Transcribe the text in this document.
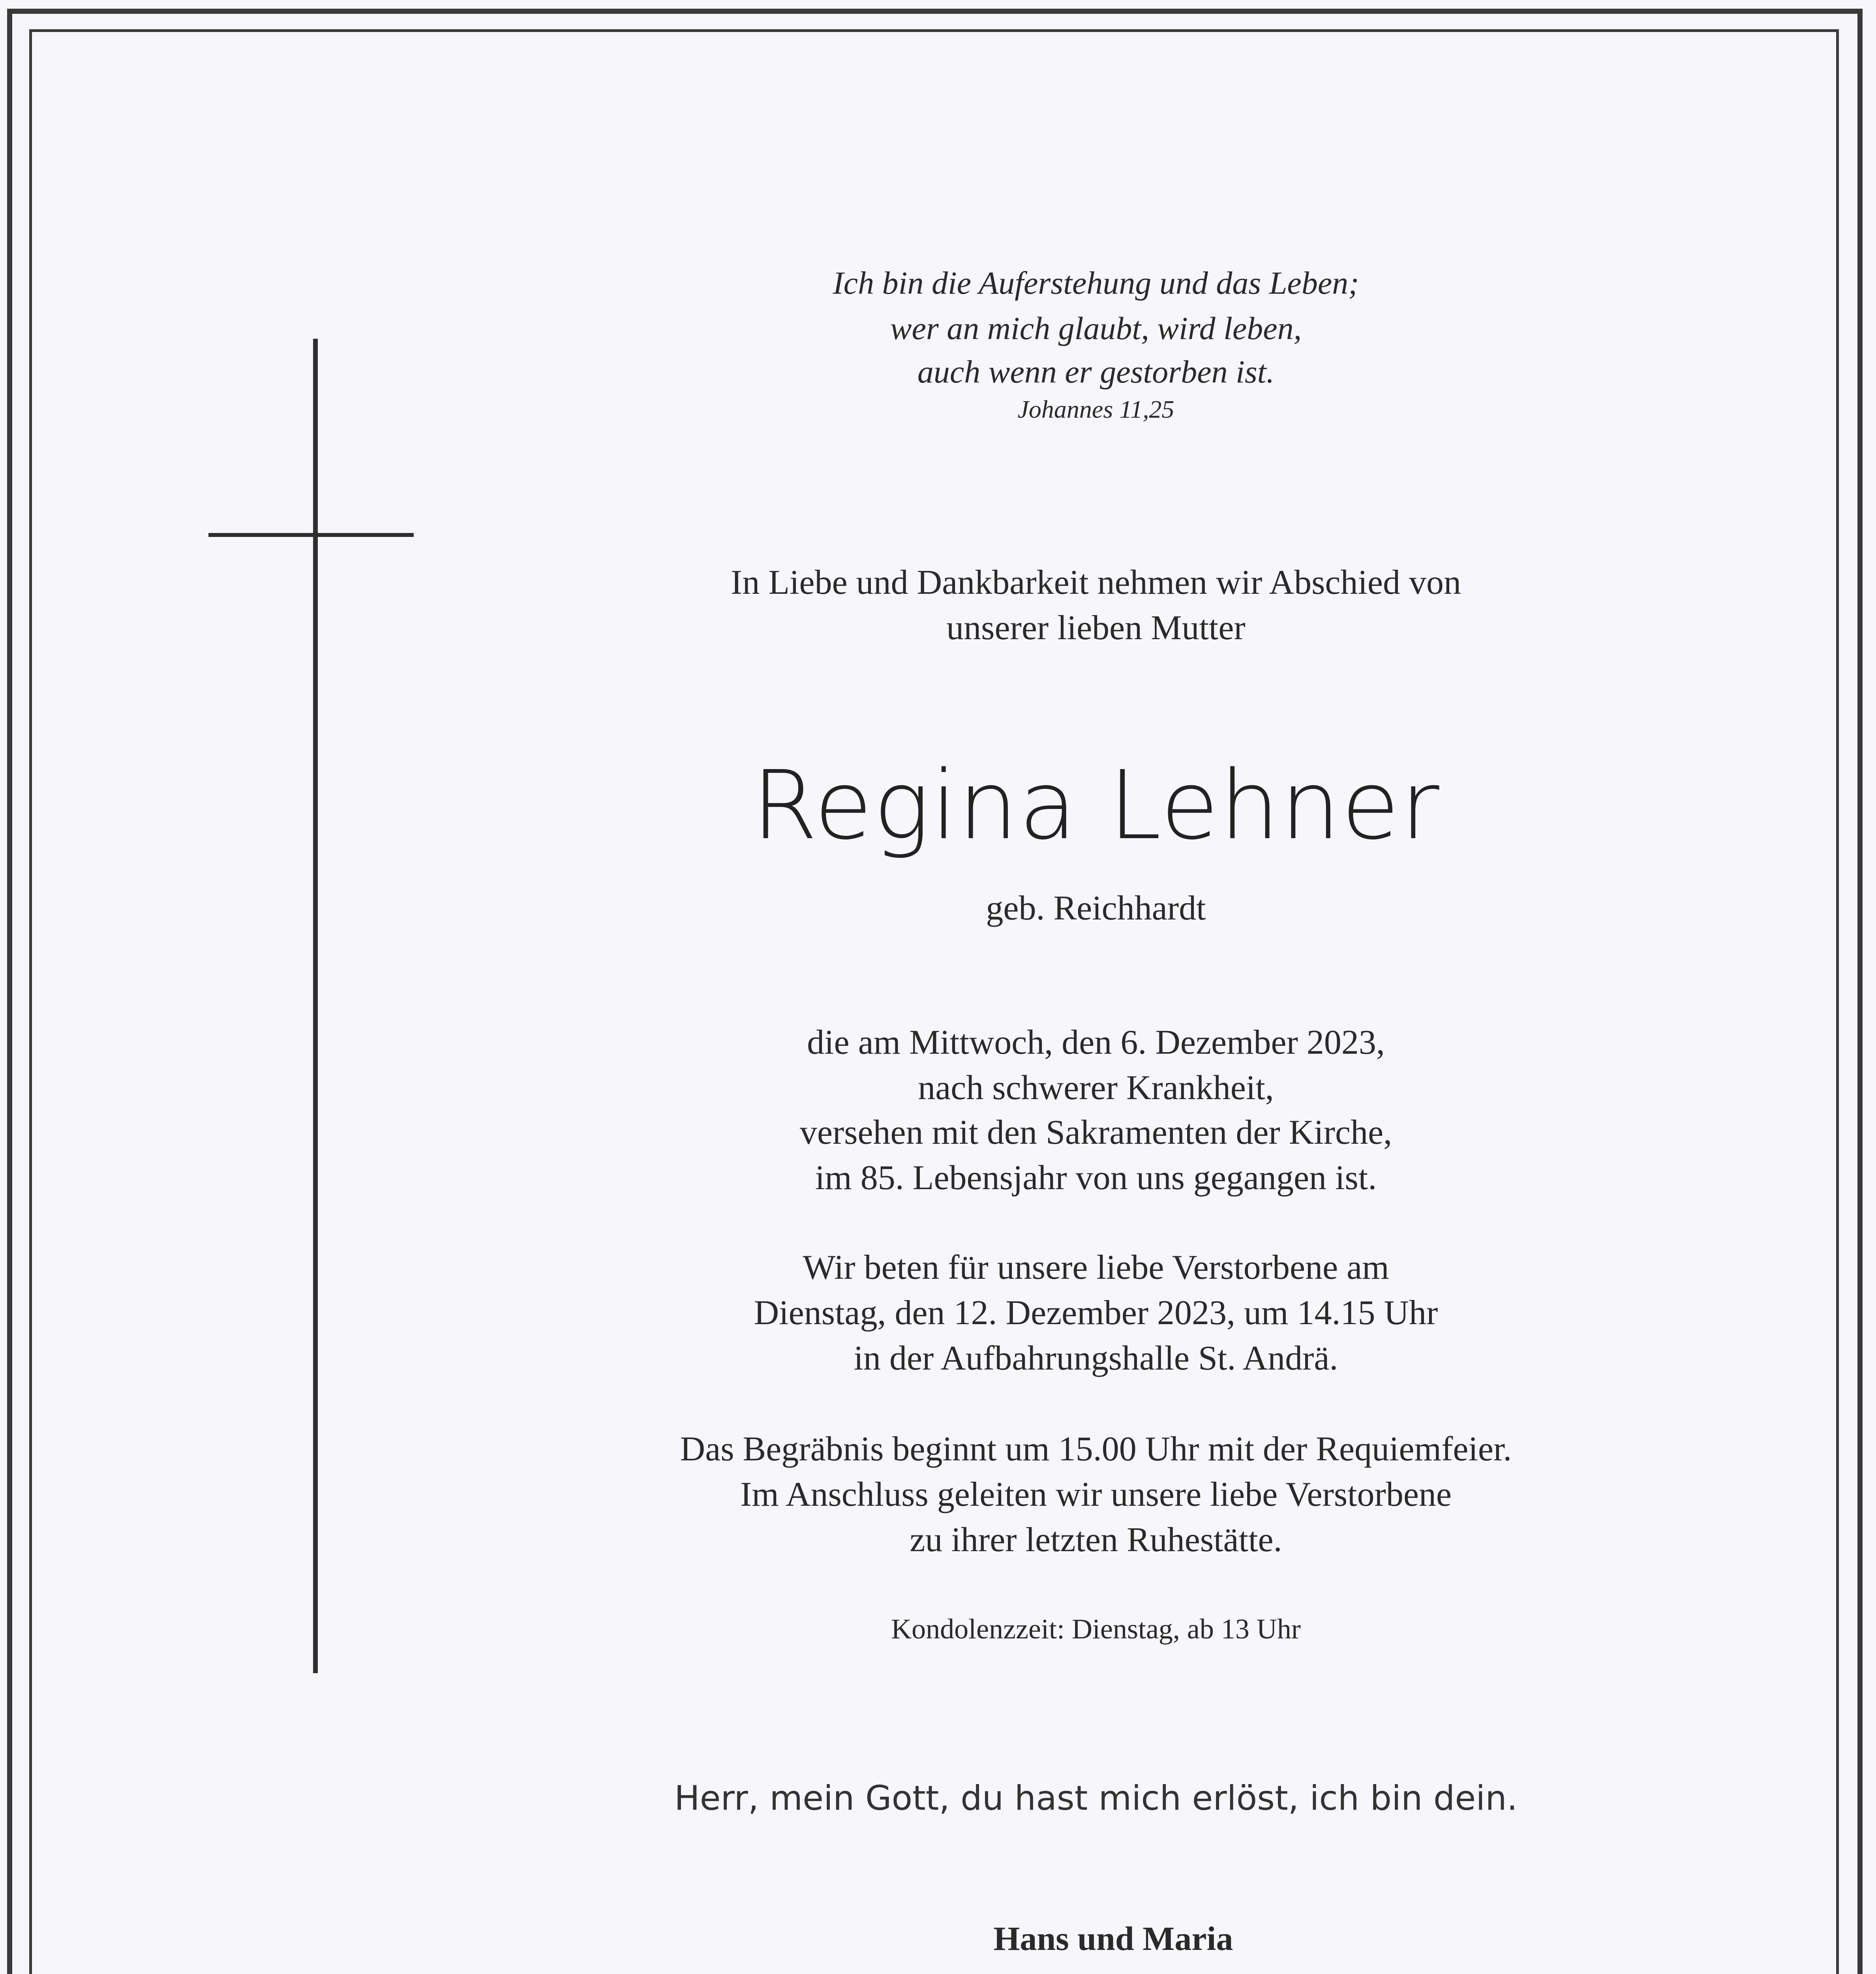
Ich bin die Auferstehung und das Leben;
wer an mich glaubt, wird leben,
auch wenn er gestorben ist.
Johannes 11,25
In Liebe und Dankbarkeit nehmen wir Abschied von
unserer lieben Mutter
Regina Lehner
geb. Reichhardt
die am Mittwoch, den 6. Dezember 2023,
nach schwerer Krankheit,
versehen mit den Sakramenten der Kirche,
im 85. Lebensjahr von uns gegangen ist.
Wir beten für unsere liebe Verstorbene am
Dienstag, den 12. Dezember 2023, um 14.15 Uhr
in der Aufbahrungshalle St. Andrä.
Das Begräbnis beginnt um 15.00 Uhr mit der Requiemfeier.
Im Anschluss geleiten wir unsere liebe Verstorbene
zu ihrer letzten Ruhestätte.
Kondolenzzeit: Dienstag, ab 13 Uhr
Herr, mein Gott, du hast mich erlöst, ich bin dein.
Hans und Maria
